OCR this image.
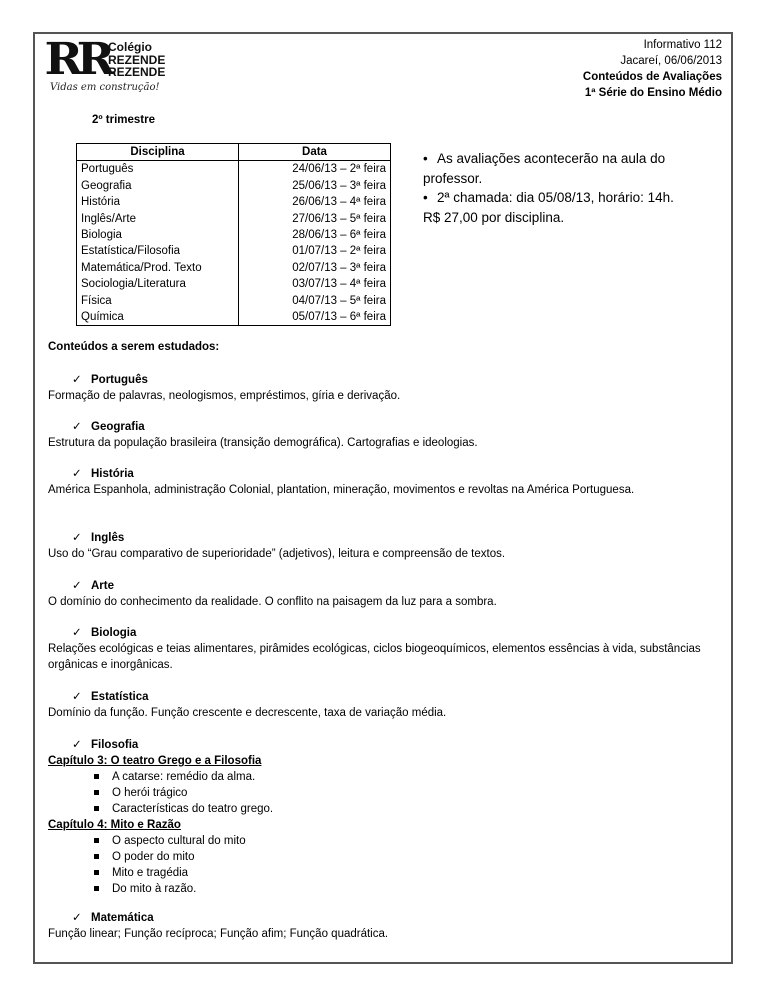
RR Colégio
REZENDE
REZENDE
Vidas em construção!
Informativo 112
Jacareí, 06/06/2013
Conteúdos de Avaliações
1ª Série do Ensino Médio
2º trimestre
Disciplina	Data
Português	24/06/13 – 2ª feira
Geografia	25/06/13 – 3ª feira
História	26/06/13 – 4ª feira
Inglês/Arte	27/06/13 – 5ª feira
Biologia	28/06/13 – 6ª feira
Estatística/Filosofia	01/07/13 – 2ª feira
Matemática/Prod. Texto	02/07/13 – 3ª feira
Sociologia/Literatura	03/07/13 – 4ª feira
Física	04/07/13 – 5ª feira
Química	05/07/13 – 6ª feira
• As avaliações acontecerão na aula do professor.
• 2ª chamada: dia 05/08/13, horário: 14h.
R$ 27,00 por disciplina.
Conteúdos a serem estudados:
✓ Português
Formação de palavras, neologismos, empréstimos, gíria e derivação.
✓ Geografia
Estrutura da população brasileira (transição demográfica). Cartografias e ideologias.
✓ História
América Espanhola, administração Colonial, plantation, mineração, movimentos e revoltas na América Portuguesa.
✓ Inglês
Uso do “Grau comparativo de superioridade” (adjetivos), leitura e compreensão de textos.
✓ Arte
O domínio do conhecimento da realidade. O conflito na paisagem da luz para a sombra.
✓ Biologia
Relações ecológicas e teias alimentares, pirâmides ecológicas, ciclos biogeoquímicos, elementos essências à vida, substâncias orgânicas e inorgânicas.
✓ Estatística
Domínio da função. Função crescente e decrescente, taxa de variação média.
✓ Filosofia
Capítulo 3: O teatro Grego e a Filosofia
A catarse: remédio da alma.
O herói trágico
Características do teatro grego.
Capítulo 4: Mito e Razão
O aspecto cultural do mito
O poder do mito
Mito e tragédia
Do mito à razão.
✓ Matemática
Função linear; Função recíproca; Função afim; Função quadrática.
